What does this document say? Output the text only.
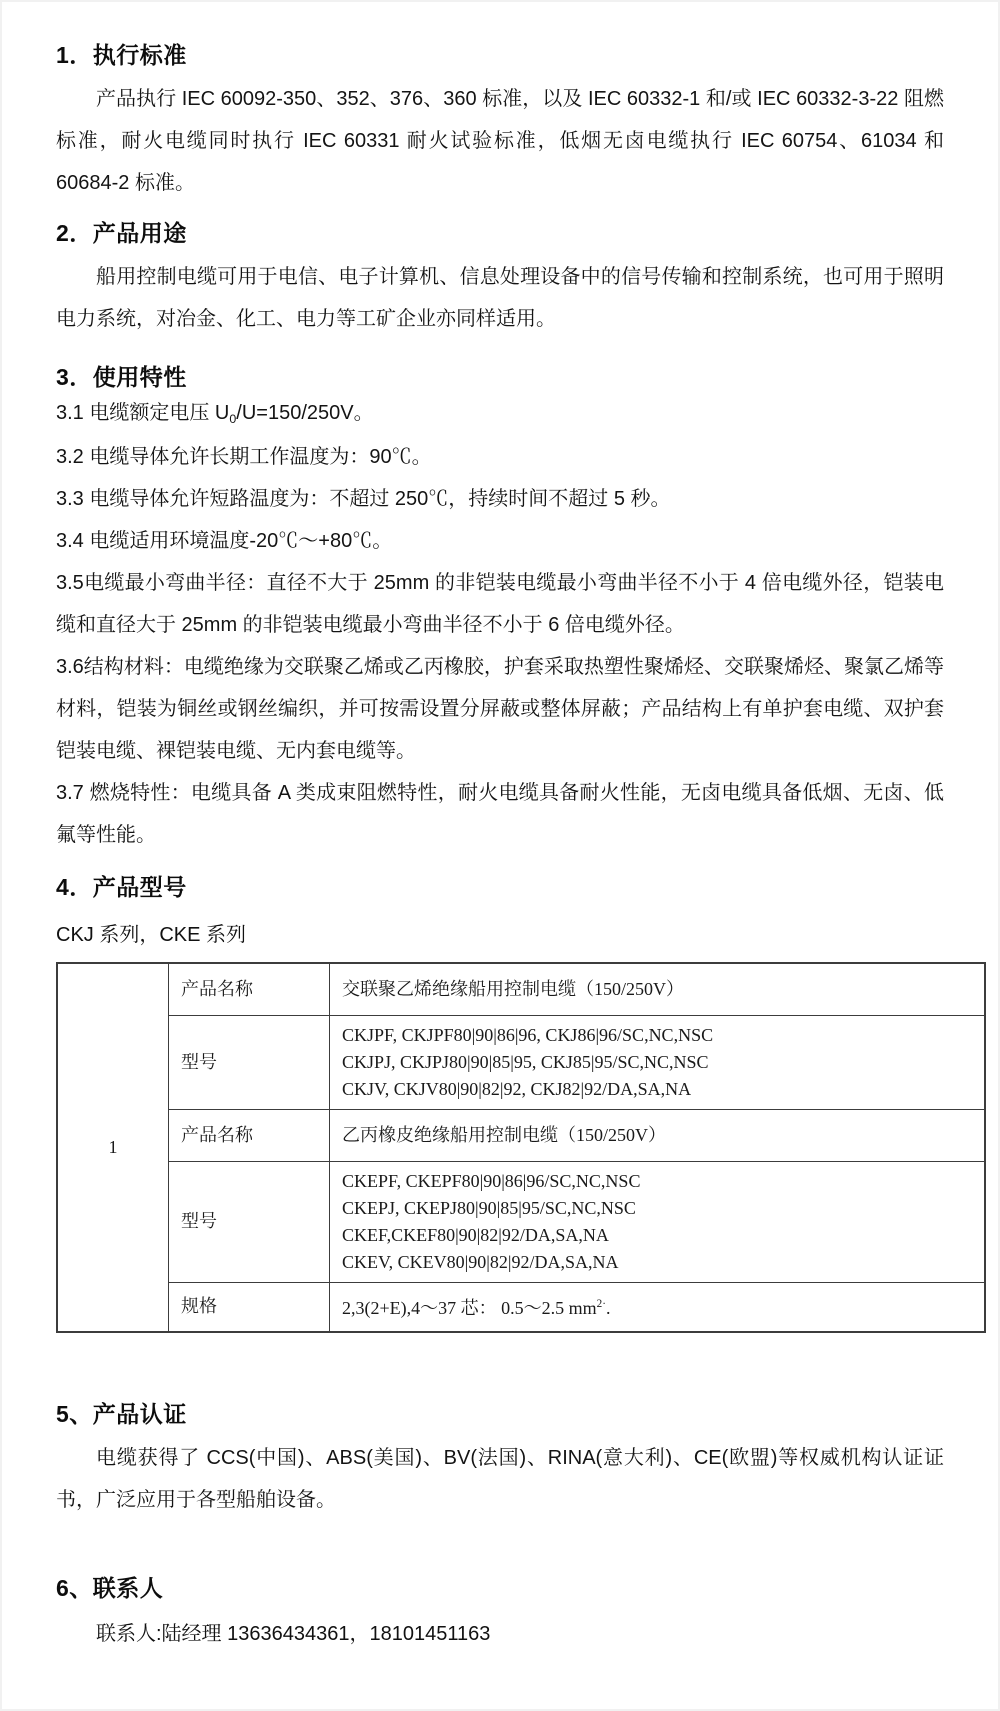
1．执行标准

产品执行 IEC 60092-350、352、376、360 标准，以及 IEC 60332-1 和/或 IEC 60332-3-22 阻燃标准，耐火电缆同时执行 IEC 60331 耐火试验标准，低烟无卤电缆执行 IEC 60754、61034 和 60684-2 标准。

2．产品用途

船用控制电缆可用于电信、电子计算机、信息处理设备中的信号传输和控制系统，也可用于照明电力系统，对冶金、化工、电力等工矿企业亦同样适用。

3．使用特性

3.1 电缆额定电压 $U_0/U=150/250V$。

3.2 电缆导体允许长期工作温度为：90℃。

3.3 电缆导体允许短路温度为：不超过 250℃，持续时间不超过 5 秒。

3.4 电缆适用环境温度-20℃～+80℃。

3.5电缆最小弯曲半径：直径不大于 25mm 的非铠装电缆最小弯曲半径不小于 4 倍电缆外径，铠装电缆和直径大于 25mm 的非铠装电缆最小弯曲半径不小于 6 倍电缆外径。

3.6结构材料：电缆绝缘为交联聚乙烯或乙丙橡胶，护套采取热塑性聚烯烃、交联聚烯烃、聚氯乙烯等材料，铠装为铜丝或钢丝编织，并可按需设置分屏蔽或整体屏蔽；产品结构上有单护套电缆、双护套铠装电缆、裸铠装电缆、无内套电缆等。

3.7 燃烧特性：电缆具备 A 类成束阻燃特性，耐火电缆具备耐火性能，无卤电缆具备低烟、无卤、低氟等性能。

4．产品型号

CKJ 系列，CKE 系列

1	产品名称	交联聚乙烯绝缘船用控制电缆（150/250V）
	型号	CKJPF, CKJPF80|90|86|96, CKJ86|96/SC,NC,NSC
CKJPJ, CKJPJ80|90|85|95, CKJ85|95/SC,NC,NSC
CKJV, CKJV80|90|82|92, CKJ82|92/DA,SA,NA

	产品名称	乙丙橡皮绝缘船用控制电缆（150/250V）
	型号	CKEPF, CKEPF80|90|86|96/SC,NC,NSC
CKEPJ, CKEPJ80|90|85|95/SC,NC,NSC
CKEF,CKEF80|90|82|92/DA,SA,NA
CKEV, CKEV80|90|82|92/DA,SA,NA

	规格	2,3(2+E),4～37 芯： 0.5～2.5 $mm^{2\cdot}$.
5、产品认证

电缆获得了 CCS(中国)、ABS(美国)、BV(法国)、RINA(意大利)、CE(欧盟)等权威机构认证证书，广泛应用于各型船舶设备。

6、联系人

联系人:陆经理 13636434361，18101451163
